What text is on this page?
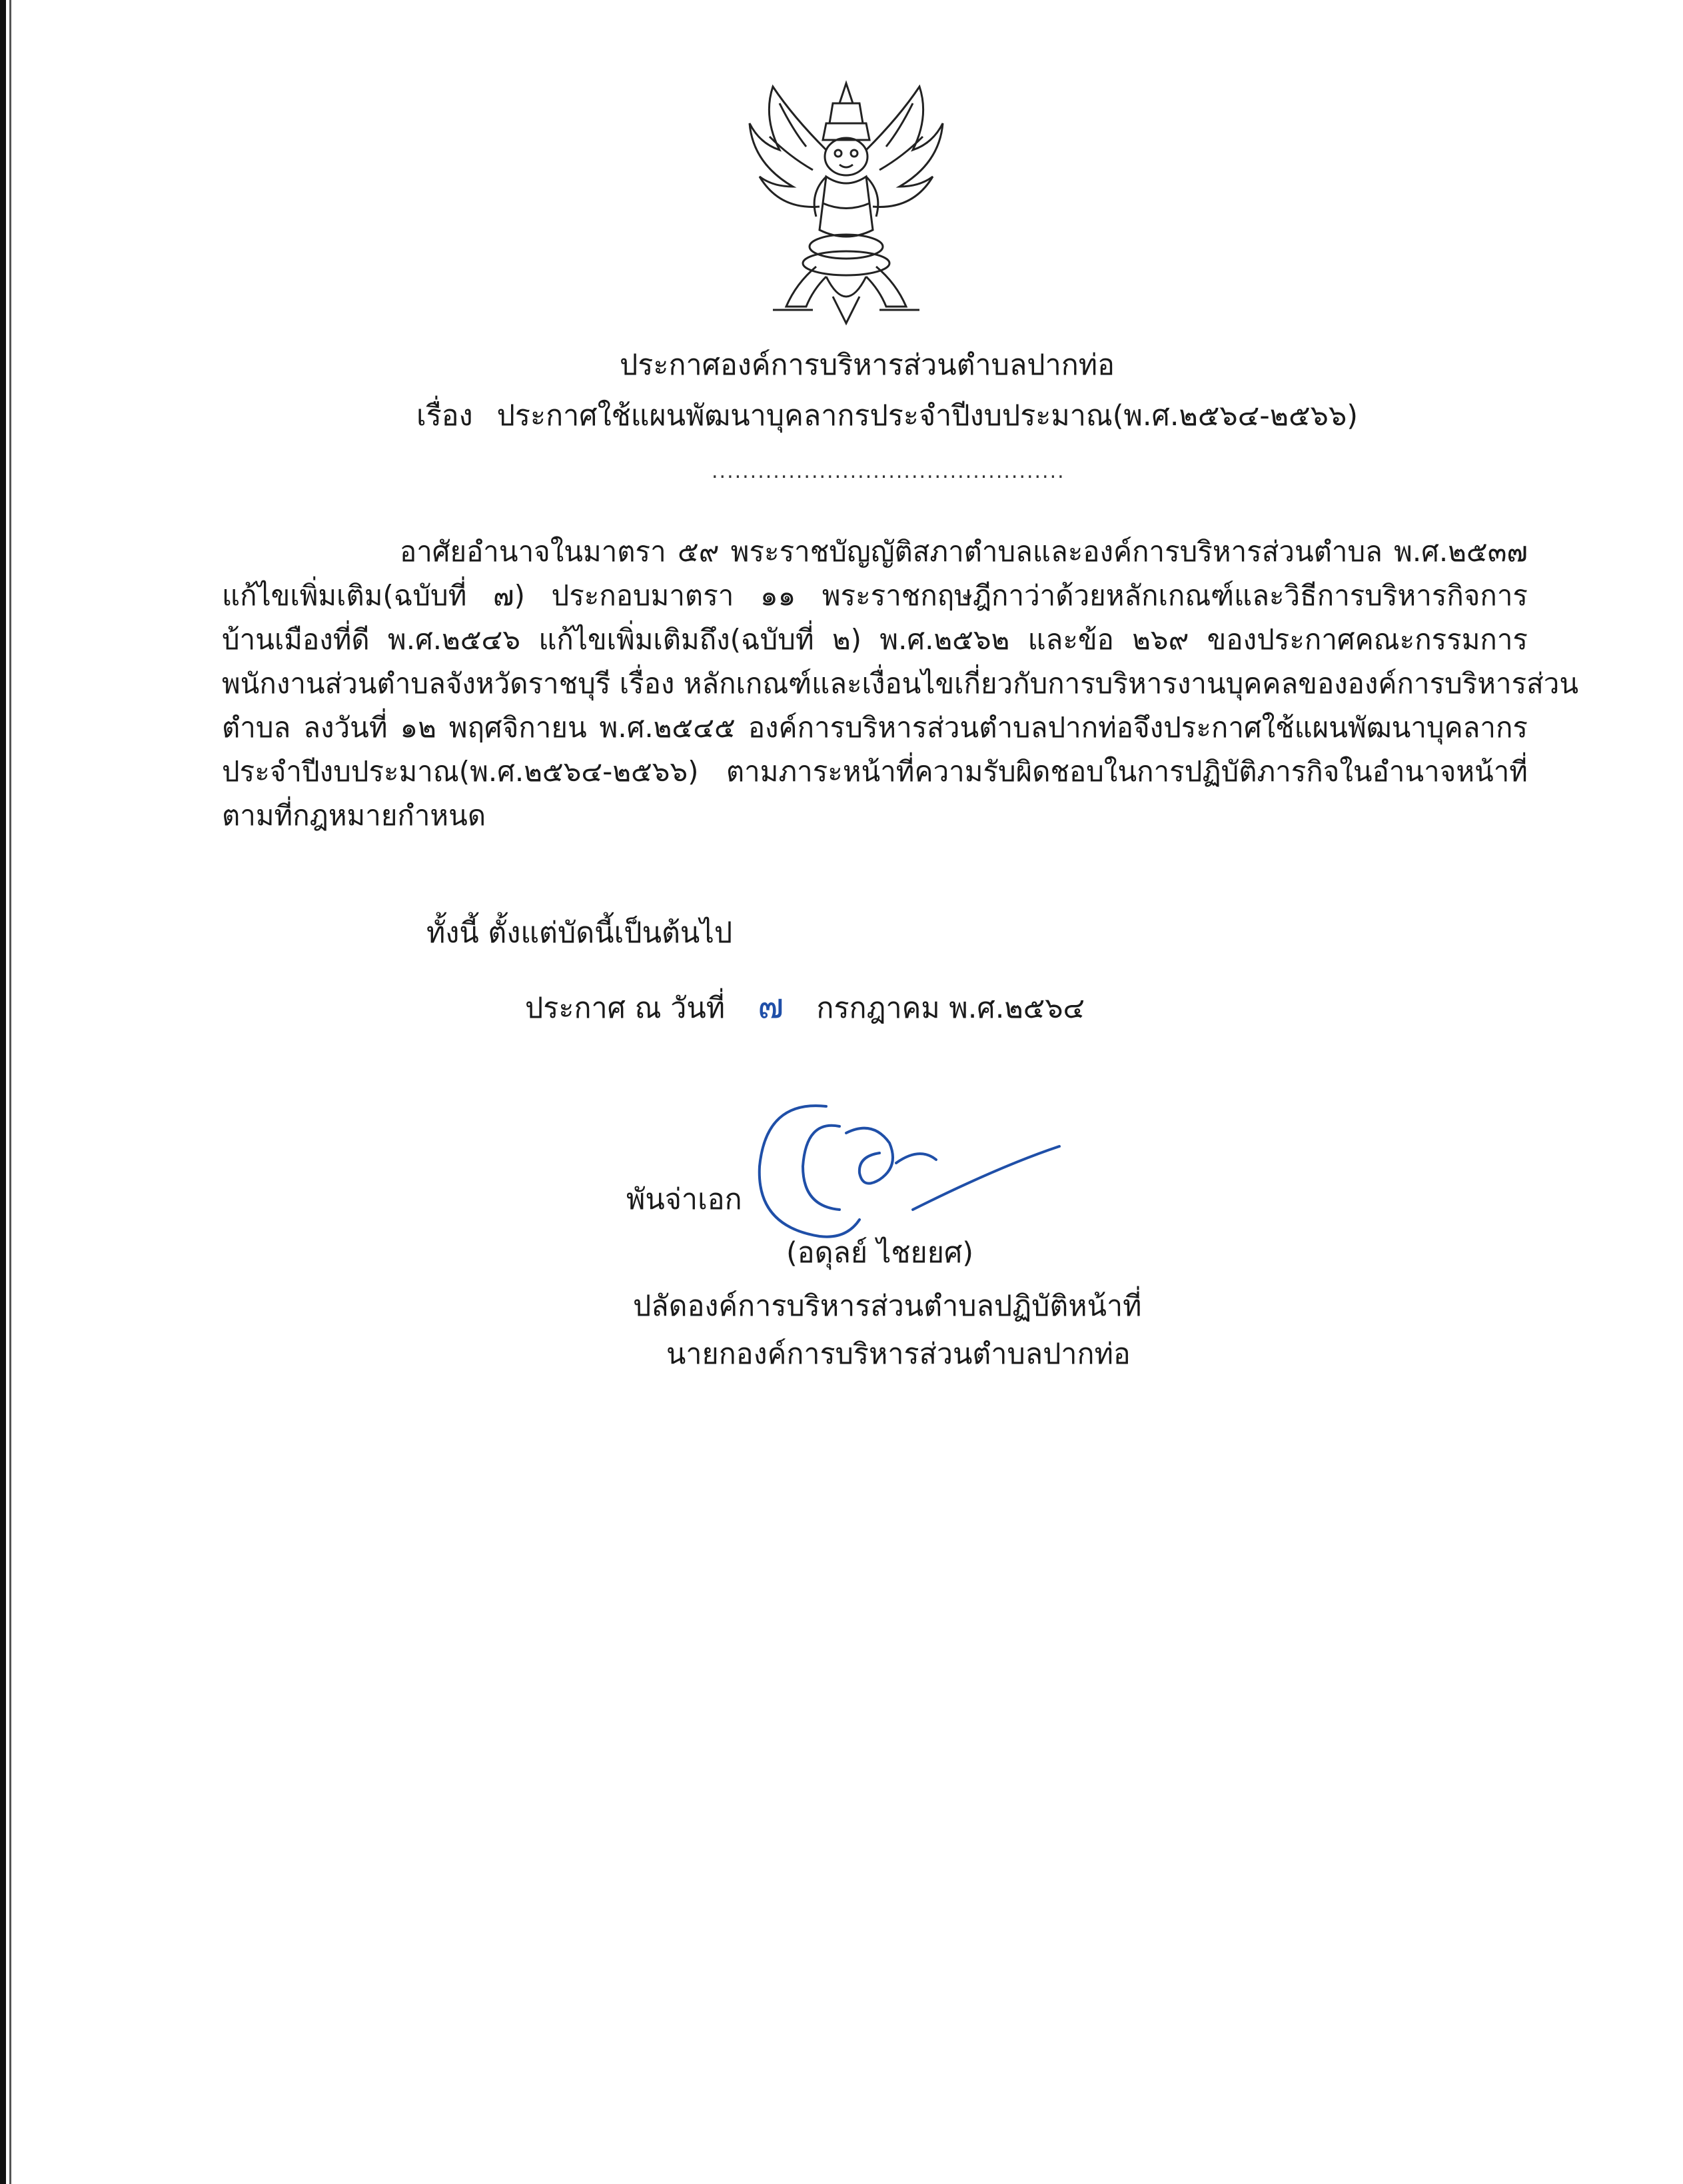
ประกาศองค์การบริหารส่วนตำบลปากท่อ
เรื่อง ประกาศใช้แผนพัฒนาบุคลากรประจำปีงบประมาณ(พ.ศ.๒๕๖๔-๒๕๖๖)
..............................................
อาศัยอำนาจในมาตรา ๕๙ พระราชบัญญัติสภาตำบลและองค์การบริหารส่วนตำบล พ.ศ.๒๕๓๗
แก้ไขเพิ่มเติม(ฉบับที่ ๗) ประกอบมาตรา ๑๑ พระราชกฤษฎีกาว่าด้วยหลักเกณฑ์และวิธีการบริหารกิจการ
บ้านเมืองที่ดี พ.ศ.๒๕๔๖ แก้ไขเพิ่มเติมถึง(ฉบับที่ ๒) พ.ศ.๒๕๖๒ และข้อ ๒๖๙ ของประกาศคณะกรรมการ
พนักงานส่วนตำบลจังหวัดราชบุรี เรื่อง หลักเกณฑ์และเงื่อนไขเกี่ยวกับการบริหารงานบุคคลขององค์การบริหารส่วน
ตำบล ลงวันที่ ๑๒ พฤศจิกายน พ.ศ.๒๕๔๕ องค์การบริหารส่วนตำบลปากท่อจึงประกาศใช้แผนพัฒนาบุคลากร
ประจำปีงบประมาณ(พ.ศ.๒๕๖๔-๒๕๖๖) ตามภาระหน้าที่ความรับผิดชอบในการปฏิบัติภารกิจในอำนาจหน้าที่
ตามที่กฎหมายกำหนด
ทั้งนี้ ตั้งแต่บัดนี้เป็นต้นไป
ประกาศ ณ วันที่ ๗ กรกฎาคม พ.ศ.๒๕๖๔
พันจ่าเอก
(อดุลย์ ไชยยศ)
ปลัดองค์การบริหารส่วนตำบลปฏิบัติหน้าที่
นายกองค์การบริหารส่วนตำบลปากท่อ
